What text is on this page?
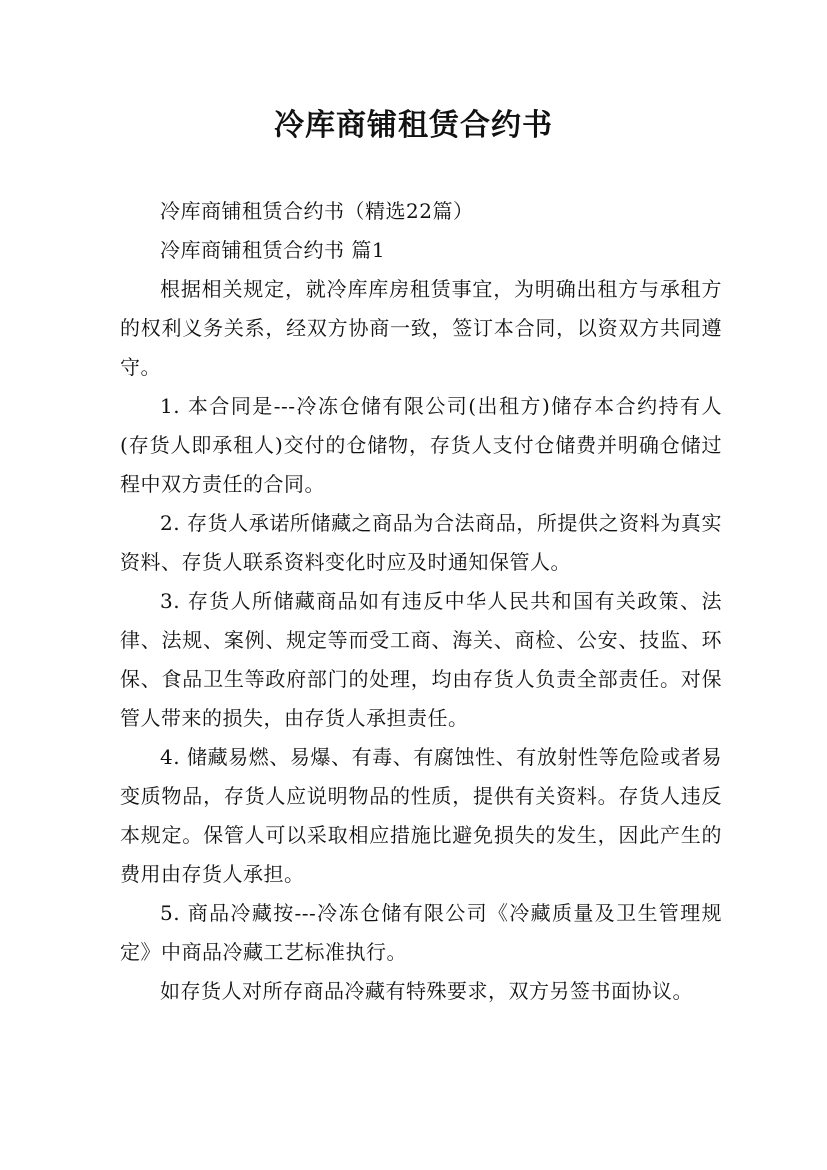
冷库商铺租赁合约书

冷库商铺租赁合约书（精选22篇）

冷库商铺租赁合约书 篇1

根据相关规定，就冷库库房租赁事宜，为明确出租方与承租方的权利义务关系，经双方协商一致，签订本合同，以资双方共同遵守。

1. 本合同是---冷冻仓储有限公司(出租方)储存本合约持有人(存货人即承租人)交付的仓储物，存货人支付仓储费并明确仓储过程中双方责任的合同。

2. 存货人承诺所储藏之商品为合法商品，所提供之资料为真实资料、存货人联系资料变化时应及时通知保管人。

3. 存货人所储藏商品如有违反中华人民共和国有关政策、法律、法规、案例、规定等而受工商、海关、商检、公安、技监、环保、食品卫生等政府部门的处理，均由存货人负责全部责任。对保管人带来的损失，由存货人承担责任。

4. 储藏易燃、易爆、有毒、有腐蚀性、有放射性等危险或者易变质物品，存货人应说明物品的性质，提供有关资料。存货人违反本规定。保管人可以采取相应措施比避免损失的发生，因此产生的费用由存货人承担。

5. 商品冷藏按---冷冻仓储有限公司《冷藏质量及卫生管理规定》中商品冷藏工艺标准执行。

如存货人对所存商品冷藏有特殊要求，双方另签书面协议。
